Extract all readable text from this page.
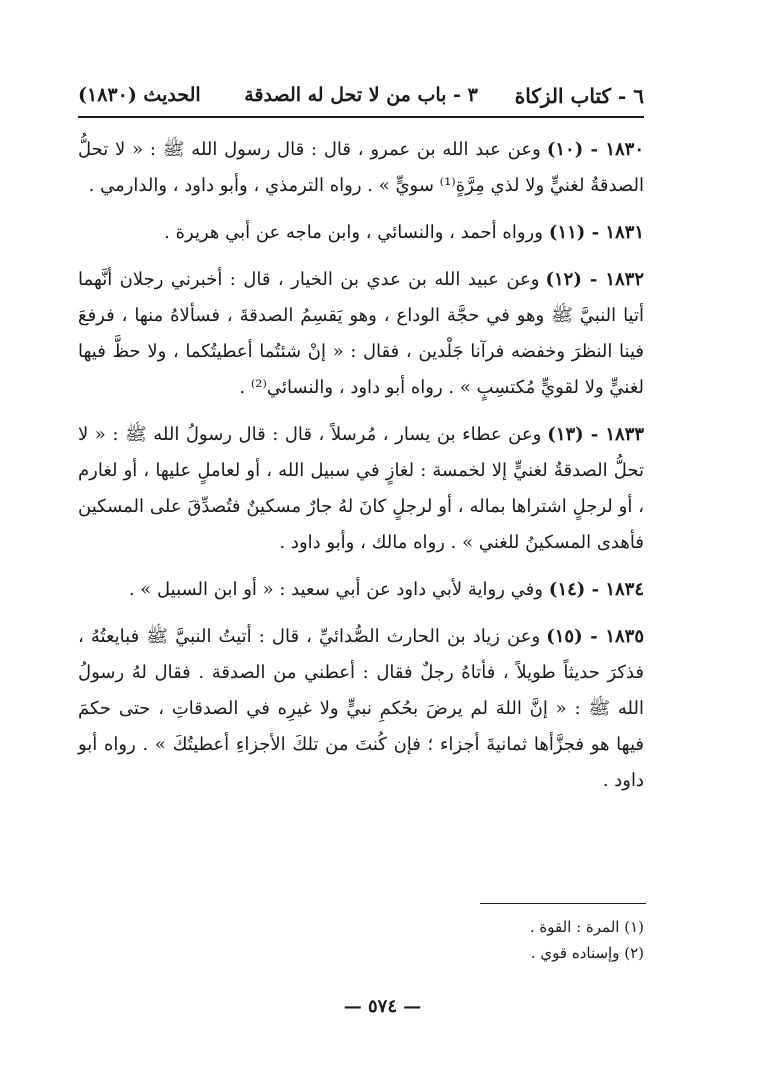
٦ - كتاب الزكاة
٣ - باب من لا تحل له الصدقة
الحديث (١٨٣٠)

١٨٣٠ - (١٠)وعن عبد الله بن عمرو ، قال : قال رسول الله ﷺ : « لا تحلُّ الصدقةُ لغنيٍّ ولا لذي مِرَّةٍ⁽¹⁾ سويٍّ » . رواه الترمذي ، وأبو داود ، والدارمي .

١٨٣١ - (١١)ورواه أحمد ، والنسائي ، وابن ماجه عن أبي هريرة .

١٨٣٢ - (١٢)وعن عبيد الله بن عدي بن الخيار ، قال : أخبرني رجلان أنَّهما أتيا النبيَّ ﷺ وهو في حجَّة الوداع ، وهو يَقسِمُ الصدقةَ ، فسألاهُ منها ، فرفعَ فينا النظرَ وخفضه فرآنا جَلْدين ، فقال : « إنْ شئتُما أعطيتُكما ، ولا حظَّ فيها لغنيٍّ ولا لقويٍّ مُكتسِبٍ » . رواه أبو داود ، والنسائي⁽²⁾ .

١٨٣٣ - (١٣)وعن عطاء بن يسار ، مُرسلاً ، قال : قال رسولُ الله ﷺ : « لا تحلُّ الصدقةُ لغنيٍّ إلا لخمسة : لغازٍ في سبيل الله ، أو لعاملٍ عليها ، أو لغارم ، أو لرجلٍ اشتراها بماله ، أو لرجلٍ كانَ لهُ جارٌ مسكينٌ فتُصدِّقَ على المسكين فأهدى المسكينُ للغني » . رواه مالك ، وأبو داود .

١٨٣٤ - (١٤)وفي رواية لأبي داود عن أبي سعيد : « أو ابن السبيل » .

١٨٣٥ - (١٥)وعن زياد بن الحارث الصُّدائيِّ ، قال : أتيتُ النبيَّ ﷺ فبايعتُهُ ، فذكرَ حديثاً طويلاً ، فأتاهُ رجلٌ فقال : أعطني من الصدقة . فقال لهُ رسولُ الله ﷺ : « إنَّ اللهَ لم يرضَ بحُكمِ نبيٍّ ولا غيرِه في الصدقاتِ ، حتى حكمَ فيها هو فجزَّأها ثمانيةَ أجزاء ؛ فإن كُنتَ من تلكَ الأجزاءِ أعطيتُكَ » . رواه أبو داود .

(١) المرة : القوة .

(٢) وإسناده قوي .

— ٥٧٤ —
